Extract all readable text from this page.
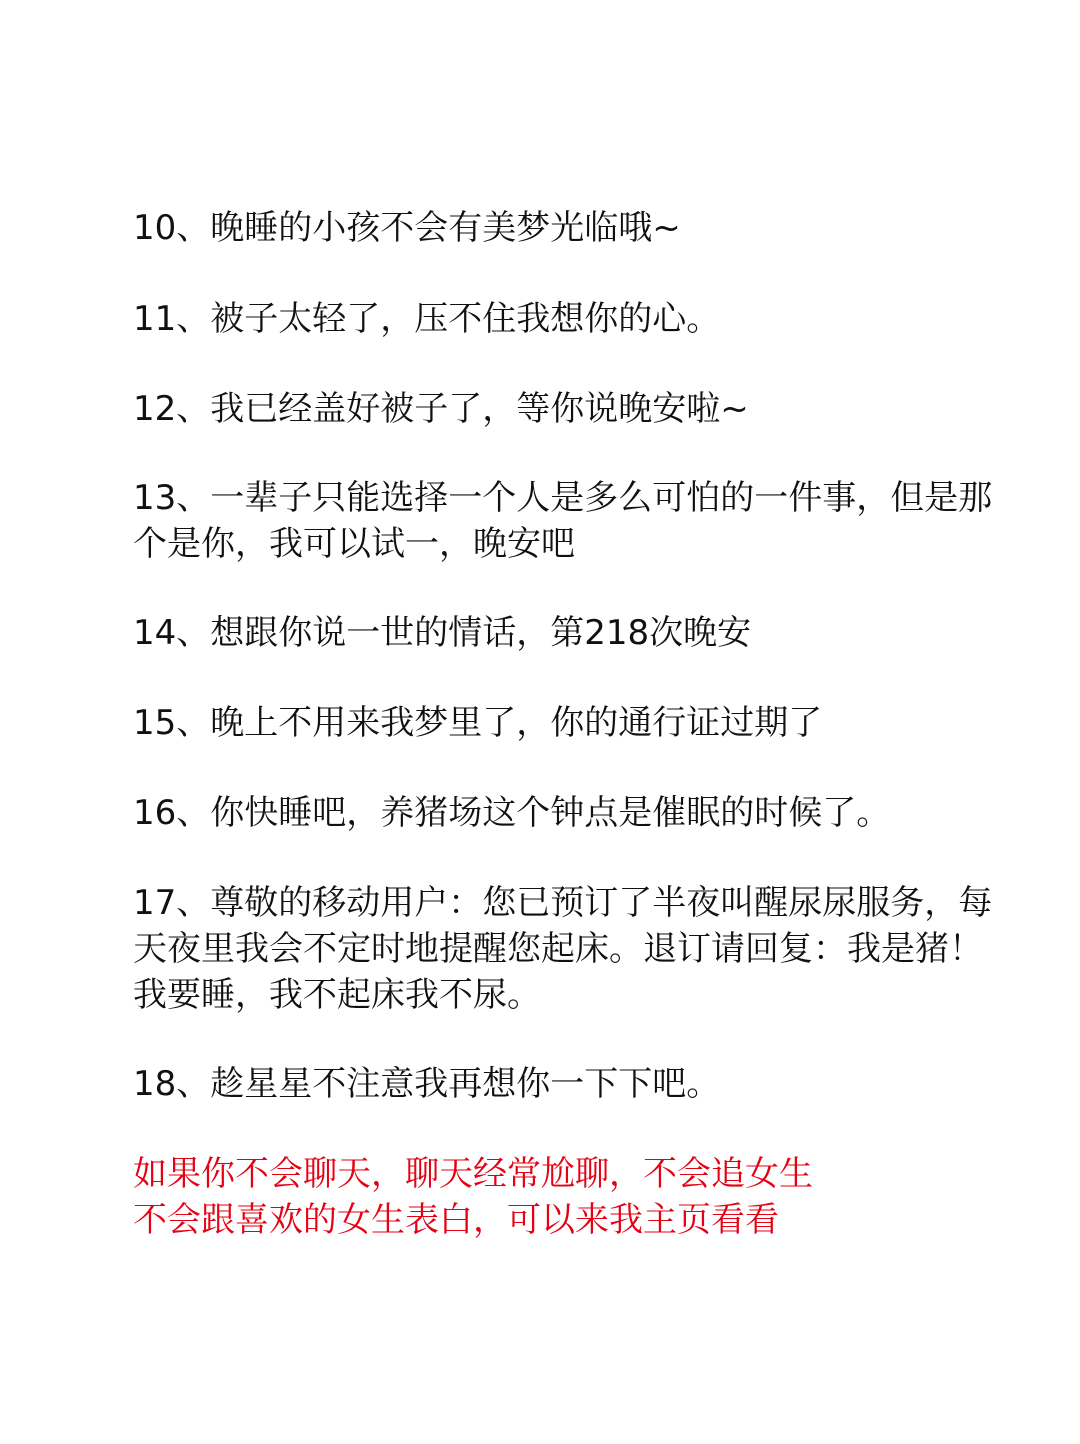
10、晚睡的小孩不会有美梦光临哦~
11、被子太轻了，压不住我想你的心。
12、我已经盖好被子了，等你说晚安啦~
13、一辈子只能选择一个人是多么可怕的一件事，但是那
个是你，我可以试一，晚安吧
14、想跟你说一世的情话，第218次晚安
15、晚上不用来我梦里了，你的通行证过期了
16、你快睡吧，养猪场这个钟点是催眠的时候了。
17、尊敬的移动用户：您已预订了半夜叫醒尿尿服务，每
天夜里我会不定时地提醒您起床。退订请回复：我是猪！
我要睡，我不起床我不尿。
18、趁星星不注意我再想你一下下吧。
如果你不会聊天，聊天经常尬聊，不会追女生
不会跟喜欢的女生表白，可以来我主页看看
